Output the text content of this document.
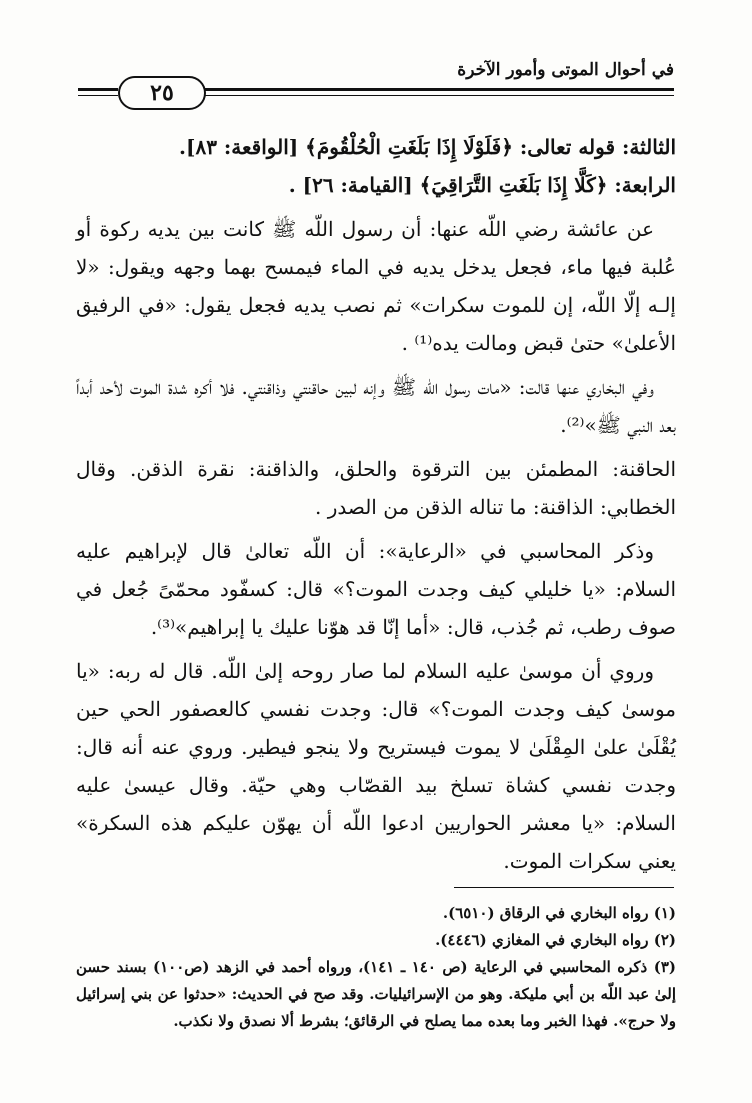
في أحوال الموتى وأمور الآخرة
٢٥

الثالثة: قوله تعالى: ﴿فَلَوْلَا إِذَا بَلَغَتِ الْحُلْقُومَ﴾ [الواقعة: ٨٣].

الرابعة: ﴿كَلَّا إِذَا بَلَغَتِ التَّرَاقِيَ﴾ [القيامة: ٢٦] .

عن عائشة رضي اللّه عنها: أن رسول اللّه ﷺ كانت بين يديه ركوة أو عُلبة فيها ماء، فجعل يدخل يديه في الماء فيمسح بهما وجهه ويقول: «لا إلـه إلّا اللّه، إن للموت سكرات» ثم نصب يديه فجعل يقول: «في الرفيق الأعلىٰ» حتىٰ قبض ومالت يده⁽¹⁾ .

وفي البخاري عنها قالت: «مات رسول اللّه ﷺ وإنه لبين حاقنتي وذاقنتي. فلا أكره شدة الموت لأحد أبداً بعد النبي ﷺ»⁽²⁾.

الحاقنة: المطمئن بين الترقوة والحلق، والذاقنة: نقرة الذقن. وقال الخطابي: الذاقنة: ما تناله الذقن من الصدر .

وذكر المحاسبي في «الرعاية»: أن اللّه تعالىٰ قال لإبراهيم عليه السلام: «يا خليلي كيف وجدت الموت؟» قال: كسفّود محمّىً جُعل في صوف رطب، ثم جُذب، قال: «أما إنّا قد هوّنا عليك يا إبراهيم»⁽³⁾.

وروي أن موسىٰ عليه السلام لما صار روحه إلىٰ اللّه. قال له ربه: «يا موسىٰ كيف وجدت الموت؟» قال: وجدت نفسي كالعصفور الحي حين يُقْلَىٰ علىٰ المِقْلَىٰ لا يموت فيستريح ولا ينجو فيطير. وروي عنه أنه قال: وجدت نفسي كشاة تسلخ بيد القصّاب وهي حيّة. وقال عيسىٰ عليه السلام: «يا معشر الحواريين ادعوا اللّه أن يهوّن عليكم هذه السكرة» يعني سكرات الموت.

(١) رواه البخاري في الرقاق (٦٥١٠).

(٢) رواه البخاري في المغازي (٤٤٤٦).

(٣) ذكره المحاسبي في الرعاية (ص ١٤٠ ـ ١٤١)، ورواه أحمد في الزهد (ص١٠٠) بسند حسن إلىٰ عبد اللّه بن أبي مليكة. وهو من الإسرائيليات. وقد صح في الحديث: «حدثوا عن بني إسرائيل ولا حرج». فهذا الخبر وما بعده مما يصلح في الرقائق؛ بشرط ألا نصدق ولا نكذب.
